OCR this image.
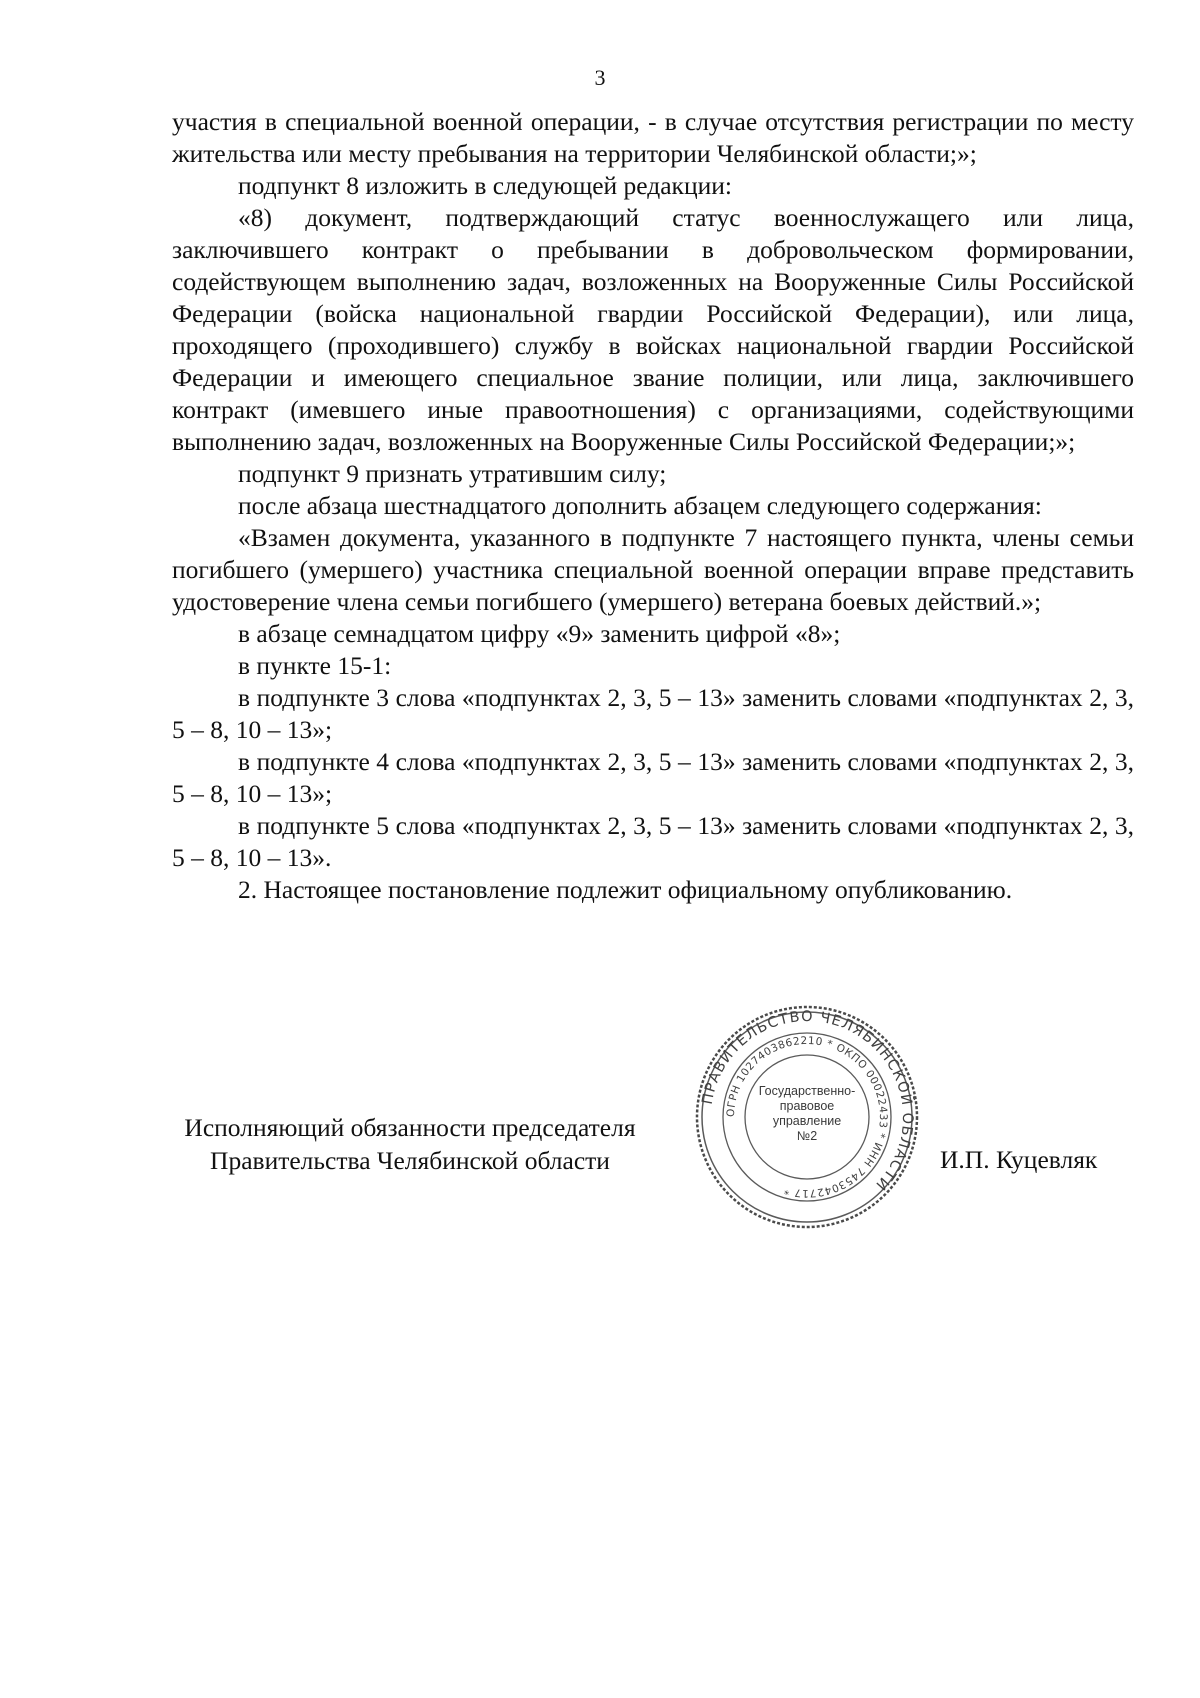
3

участия в специальной военной операции, - в случае отсутствия регистрации по месту жительства или месту пребывания на территории Челябинской области;»;

подпункт 8 изложить в следующей редакции:

«8) документ, подтверждающий статус военнослужащего или лица, заключившего контракт о пребывании в добровольческом формировании, содействующем выполнению задач, возложенных на Вооруженные Силы Российской Федерации (войска национальной гвардии Российской Федерации), или лица, проходящего (проходившего) службу в войсках национальной гвардии Российской Федерации и имеющего специальное звание полиции, или лица, заключившего контракт (имевшего иные правоотношения) с организациями, содействующими выполнению задач, возложенных на Вооруженные Силы Российской Федерации;»;

подпункт 9 признать утратившим силу;

после абзаца шестнадцатого дополнить абзацем следующего содержания:

«Взамен документа, указанного в подпункте 7 настоящего пункта, члены семьи погибшего (умершего) участника специальной военной операции вправе представить удостоверение члена семьи погибшего (умершего) ветерана боевых действий.»;

в абзаце семнадцатом цифру «9» заменить цифрой «8»;

в пункте 15-1:

в подпункте 3 слова «подпунктах 2, 3, 5 – 13» заменить словами «подпунктах 2, 3, 5 – 8, 10 – 13»;

в подпункте 4 слова «подпунктах 2, 3, 5 – 13» заменить словами «подпунктах 2, 3, 5 – 8, 10 – 13»;

в подпункте 5 слова «подпунктах 2, 3, 5 – 13» заменить словами «подпунктах 2, 3, 5 – 8, 10 – 13».

2. Настоящее постановление подлежит официальному опубликованию.

Исполняющий обязанности председателя
Правительства Челябинской области
ПРАВИТЕЛЬСТВО ЧЕЛЯБИНСКОЙ ОБЛАСТИ
ОГРН 1027403862210 * ОКПО 00022433 * ИНН 7453042717 *
Государственно-
правовое
управление
№2
И.П. Куцевляк
